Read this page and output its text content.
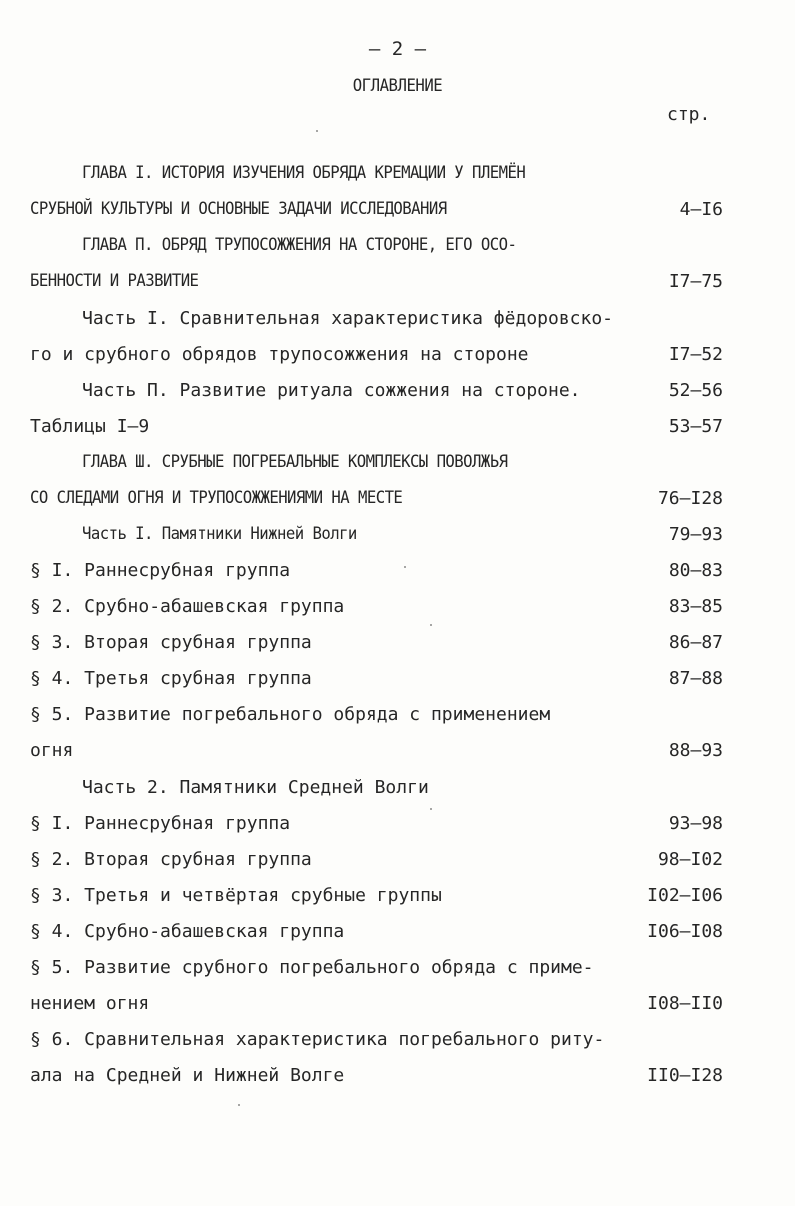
– 2 –
ОГЛАВЛЕНИЕ
стр.
ГЛАВА I. ИСТОРИЯ ИЗУЧЕНИЯ ОБРЯДА КРЕМАЦИИ У ПЛЕМЁН
СРУБНОЙ КУЛЬТУРЫ И ОСНОВНЫЕ ЗАДАЧИ ИССЛЕДОВАНИЯ	4–I6
ГЛАВА П. ОБРЯД ТРУПОСОЖЖЕНИЯ НА СТОРОНЕ, ЕГО ОСО-
БЕННОСТИ И РАЗВИТИЕ	I7–75
Часть I. Сравнительная характеристика фёдоровско-
го и срубного обрядов трупосожжения на стороне	I7–52
Часть П. Развитие ритуала сожжения на стороне.	52–56
Таблицы I–9	53–57
ГЛАВА Ш. СРУБНЫЕ ПОГРЕБАЛЬНЫЕ КОМПЛЕКСЫ ПОВОЛЖЬЯ
СО СЛЕДАМИ ОГНЯ И ТРУПОСОЖЖЕНИЯМИ НА МЕСТЕ	76–I28
Часть I. Памятники Нижней Волги	79–93
§ I. Раннесрубная группа	80–83
§ 2. Срубно-абашевская группа	83–85
§ 3. Вторая срубная группа	86–87
§ 4. Третья срубная группа	87–88
§ 5. Развитие погребального обряда с применением
огня	88–93
Часть 2. Памятники Средней Волги
§ I. Раннесрубная группа	93–98
§ 2. Вторая срубная группа	98–I02
§ 3. Третья и четвёртая срубные группы	I02–I06
§ 4. Срубно-абашевская группа	I06–I08
§ 5. Развитие срубного погребального обряда с приме-
нением огня	I08–II0
§ 6. Сравнительная характеристика погребального риту-
ала на Средней и Нижней Волге	II0–I28
